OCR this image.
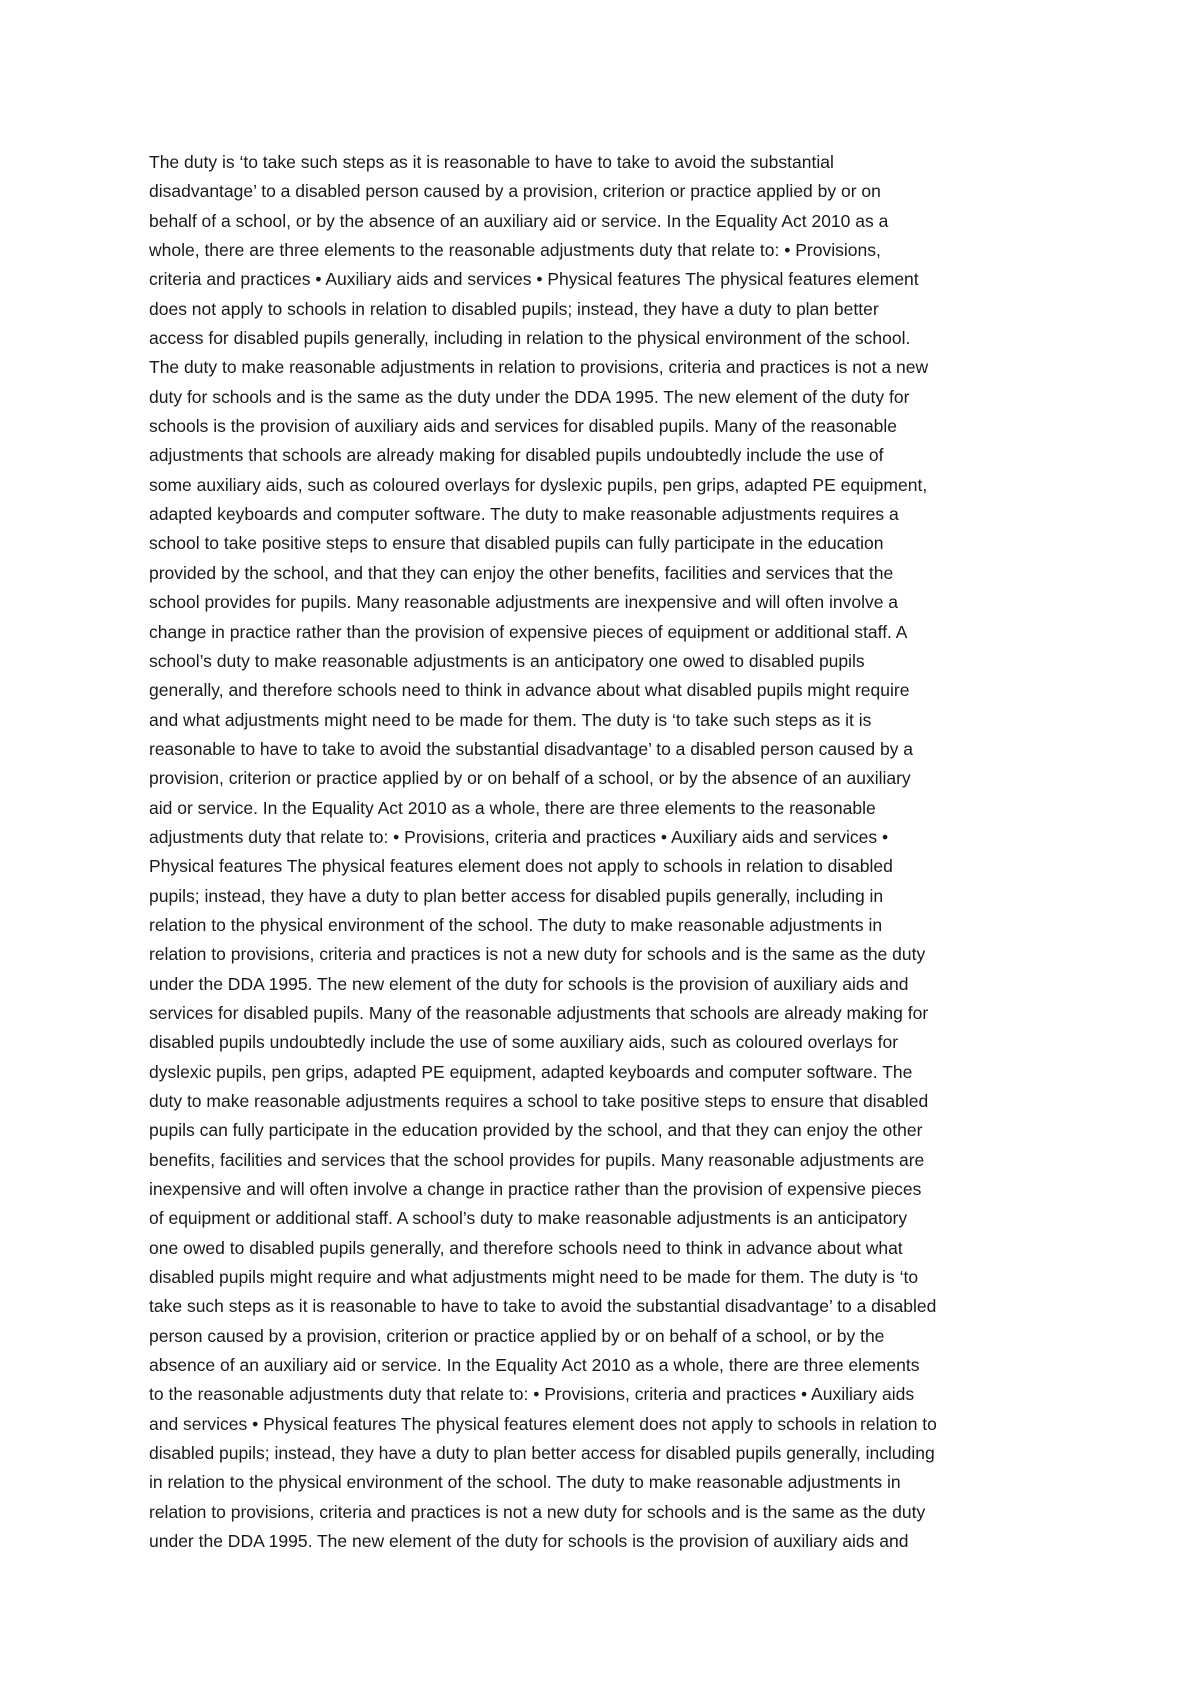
The duty is ‘to take such steps as it is reasonable to have to take to avoid the substantial
disadvantage’ to a disabled person caused by a provision, criterion or practice applied by or on
behalf of a school, or by the absence of an auxiliary aid or service. In the Equality Act 2010 as a
whole, there are three elements to the reasonable adjustments duty that relate to: • Provisions,
criteria and practices • Auxiliary aids and services • Physical features The physical features element
does not apply to schools in relation to disabled pupils; instead, they have a duty to plan better
access for disabled pupils generally, including in relation to the physical environment of the school.
The duty to make reasonable adjustments in relation to provisions, criteria and practices is not a new
duty for schools and is the same as the duty under the DDA 1995. The new element of the duty for
schools is the provision of auxiliary aids and services for disabled pupils. Many of the reasonable
adjustments that schools are already making for disabled pupils undoubtedly include the use of
some auxiliary aids, such as coloured overlays for dyslexic pupils, pen grips, adapted PE equipment,
adapted keyboards and computer software. The duty to make reasonable adjustments requires a
school to take positive steps to ensure that disabled pupils can fully participate in the education
provided by the school, and that they can enjoy the other benefits, facilities and services that the
school provides for pupils. Many reasonable adjustments are inexpensive and will often involve a
change in practice rather than the provision of expensive pieces of equipment or additional staff. A
school’s duty to make reasonable adjustments is an anticipatory one owed to disabled pupils
generally, and therefore schools need to think in advance about what disabled pupils might require
and what adjustments might need to be made for them. The duty is ‘to take such steps as it is
reasonable to have to take to avoid the substantial disadvantage’ to a disabled person caused by a
provision, criterion or practice applied by or on behalf of a school, or by the absence of an auxiliary
aid or service. In the Equality Act 2010 as a whole, there are three elements to the reasonable
adjustments duty that relate to: • Provisions, criteria and practices • Auxiliary aids and services •
Physical features The physical features element does not apply to schools in relation to disabled
pupils; instead, they have a duty to plan better access for disabled pupils generally, including in
relation to the physical environment of the school. The duty to make reasonable adjustments in
relation to provisions, criteria and practices is not a new duty for schools and is the same as the duty
under the DDA 1995. The new element of the duty for schools is the provision of auxiliary aids and
services for disabled pupils. Many of the reasonable adjustments that schools are already making for
disabled pupils undoubtedly include the use of some auxiliary aids, such as coloured overlays for
dyslexic pupils, pen grips, adapted PE equipment, adapted keyboards and computer software. The
duty to make reasonable adjustments requires a school to take positive steps to ensure that disabled
pupils can fully participate in the education provided by the school, and that they can enjoy the other
benefits, facilities and services that the school provides for pupils. Many reasonable adjustments are
inexpensive and will often involve a change in practice rather than the provision of expensive pieces
of equipment or additional staff. A school’s duty to make reasonable adjustments is an anticipatory
one owed to disabled pupils generally, and therefore schools need to think in advance about what
disabled pupils might require and what adjustments might need to be made for them. The duty is ‘to
take such steps as it is reasonable to have to take to avoid the substantial disadvantage’ to a disabled
person caused by a provision, criterion or practice applied by or on behalf of a school, or by the
absence of an auxiliary aid or service. In the Equality Act 2010 as a whole, there are three elements
to the reasonable adjustments duty that relate to: • Provisions, criteria and practices • Auxiliary aids
and services • Physical features The physical features element does not apply to schools in relation to
disabled pupils; instead, they have a duty to plan better access for disabled pupils generally, including
in relation to the physical environment of the school. The duty to make reasonable adjustments in
relation to provisions, criteria and practices is not a new duty for schools and is the same as the duty
under the DDA 1995. The new element of the duty for schools is the provision of auxiliary aids and
